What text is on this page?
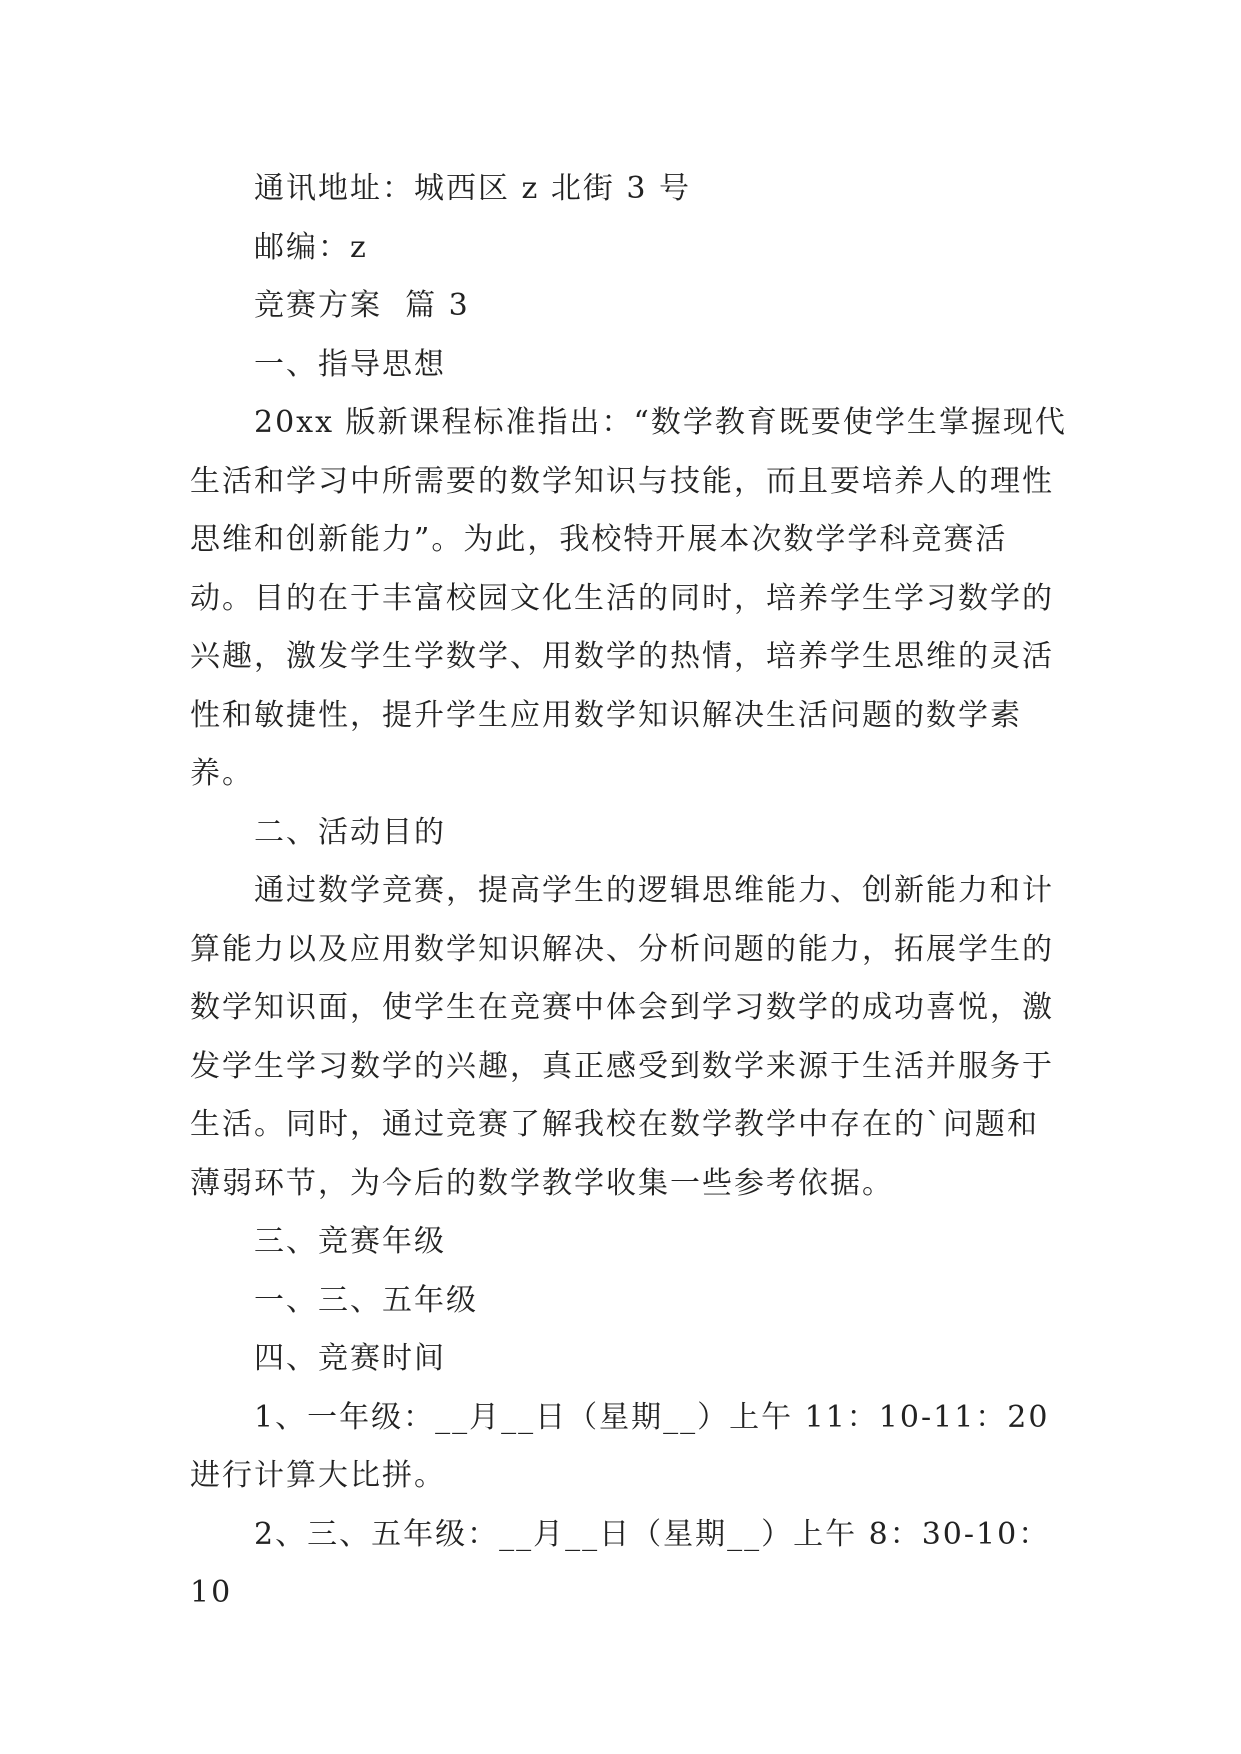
通讯地址：城西区 z 北街 3 号

邮编：z

竞赛方案  篇 3

一、指导思想

20xx 版新课程标准指出：“数学教育既要使学生掌握现代生活和学习中所需要的数学知识与技能，而且要培养人的理性思维和创新能力”。为此，我校特开展本次数学学科竞赛活动。目的在于丰富校园文化生活的同时，培养学生学习数学的兴趣，激发学生学数学、用数学的热情，培养学生思维的灵活性和敏捷性，提升学生应用数学知识解决生活问题的数学素养。

二、活动目的

通过数学竞赛，提高学生的逻辑思维能力、创新能力和计算能力以及应用数学知识解决、分析问题的能力，拓展学生的数学知识面，使学生在竞赛中体会到学习数学的成功喜悦，激发学生学习数学的兴趣，真正感受到数学来源于生活并服务于生活。同时，通过竞赛了解我校在数学教学中存在的`问题和薄弱环节，为今后的数学教学收集一些参考依据。

三、竞赛年级

一、三、五年级

四、竞赛时间

1、一年级：__月__日（星期__）上午 11：10-11：20 进行计算大比拼。

2、三、五年级：__月__日（星期__）上午 8：30-10：10
